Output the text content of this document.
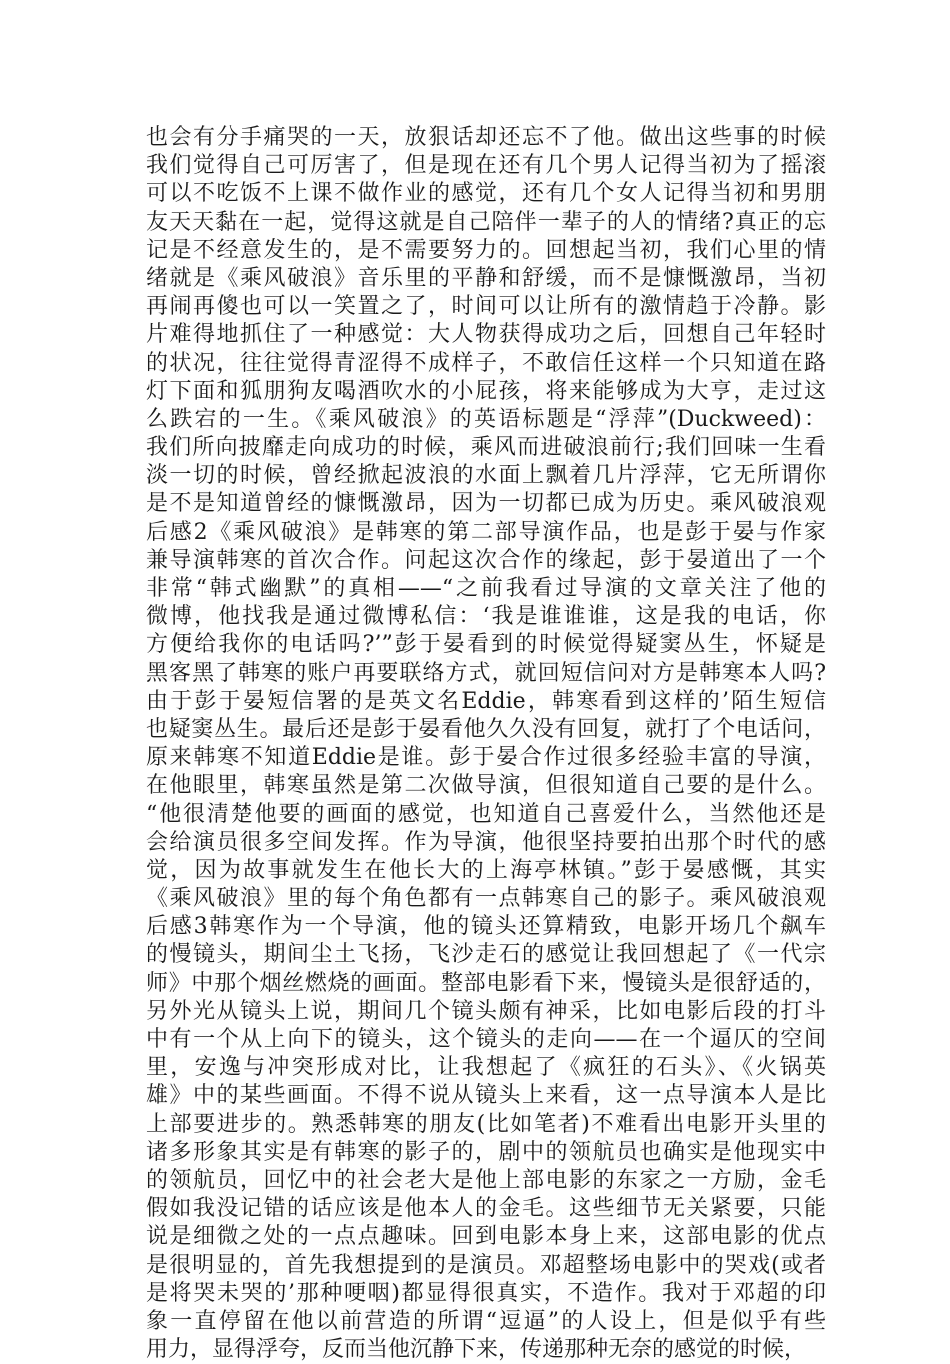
也会有分手痛哭的一天，放狠话却还忘不了他。做出这些事的时候
我们觉得自己可厉害了，但是现在还有几个男人记得当初为了摇滚
可以不吃饭不上课不做作业的感觉，还有几个女人记得当初和男朋
友天天黏在一起，觉得这就是自己陪伴一辈子的人的情绪?真正的忘
记是不经意发生的，是不需要努力的。回想起当初，我们心里的情
绪就是《乘风破浪》音乐里的平静和舒缓，而不是慷慨激昂，当初
再闹再傻也可以一笑置之了，时间可以让所有的激情趋于冷静。影
片难得地抓住了一种感觉：大人物获得成功之后，回想自己年轻时
的状况，往往觉得青涩得不成样子，不敢信任这样一个只知道在路
灯下面和狐朋狗友喝酒吹水的小屁孩，将来能够成为大亨，走过这
么跌宕的一生。《乘风破浪》的英语标题是“浮萍”(Duckweed)：
我们所向披靡走向成功的时候，乘风而进破浪前行;我们回味一生看
淡一切的时候，曾经掀起波浪的水面上飘着几片浮萍，它无所谓你
是不是知道曾经的慷慨激昂，因为一切都已成为历史。乘风破浪观
后感2《乘风破浪》是韩寒的第二部导演作品，也是彭于晏与作家
兼导演韩寒的首次合作。问起这次合作的缘起，彭于晏道出了一个
非常“韩式幽默”的真相——“之前我看过导演的文章关注了他的
微博，他找我是通过微博私信：‘我是谁谁谁，这是我的电话，你
方便给我你的电话吗?’”彭于晏看到的时候觉得疑窦丛生，怀疑是
黑客黑了韩寒的账户再要联络方式，就回短信问对方是韩寒本人吗?
由于彭于晏短信署的是英文名Eddie，韩寒看到这样的’陌生短信
也疑窦丛生。最后还是彭于晏看他久久没有回复，就打了个电话问，
原来韩寒不知道Eddie是谁。彭于晏合作过很多经验丰富的导演，
在他眼里，韩寒虽然是第二次做导演，但很知道自己要的是什么。
“他很清楚他要的画面的感觉，也知道自己喜爱什么，当然他还是
会给演员很多空间发挥。作为导演，他很坚持要拍出那个时代的感
觉，因为故事就发生在他长大的上海亭林镇。”彭于晏感慨，其实
《乘风破浪》里的每个角色都有一点韩寒自己的影子。乘风破浪观
后感3韩寒作为一个导演，他的镜头还算精致，电影开场几个飙车
的慢镜头，期间尘土飞扬，飞沙走石的感觉让我回想起了《一代宗
师》中那个烟丝燃烧的画面。整部电影看下来，慢镜头是很舒适的，
另外光从镜头上说，期间几个镜头颇有神采，比如电影后段的打斗
中有一个从上向下的镜头，这个镜头的走向——在一个逼仄的空间
里，安逸与冲突形成对比，让我想起了《疯狂的石头》、《火锅英
雄》中的某些画面。不得不说从镜头上来看，这一点导演本人是比
上部要进步的。熟悉韩寒的朋友(比如笔者)不难看出电影开头里的
诸多形象其实是有韩寒的影子的，剧中的领航员也确实是他现实中
的领航员，回忆中的社会老大是他上部电影的东家之一方励，金毛
假如我没记错的话应该是他本人的金毛。这些细节无关紧要，只能
说是细微之处的一点点趣味。回到电影本身上来，这部电影的优点
是很明显的，首先我想提到的是演员。邓超整场电影中的哭戏(或者
是将哭未哭的’那种哽咽)都显得很真实，不造作。我对于邓超的印
象一直停留在他以前营造的所谓“逗逼”的人设上，但是似乎有些
用力，显得浮夸，反而当他沉静下来，传递那种无奈的感觉的时候，
